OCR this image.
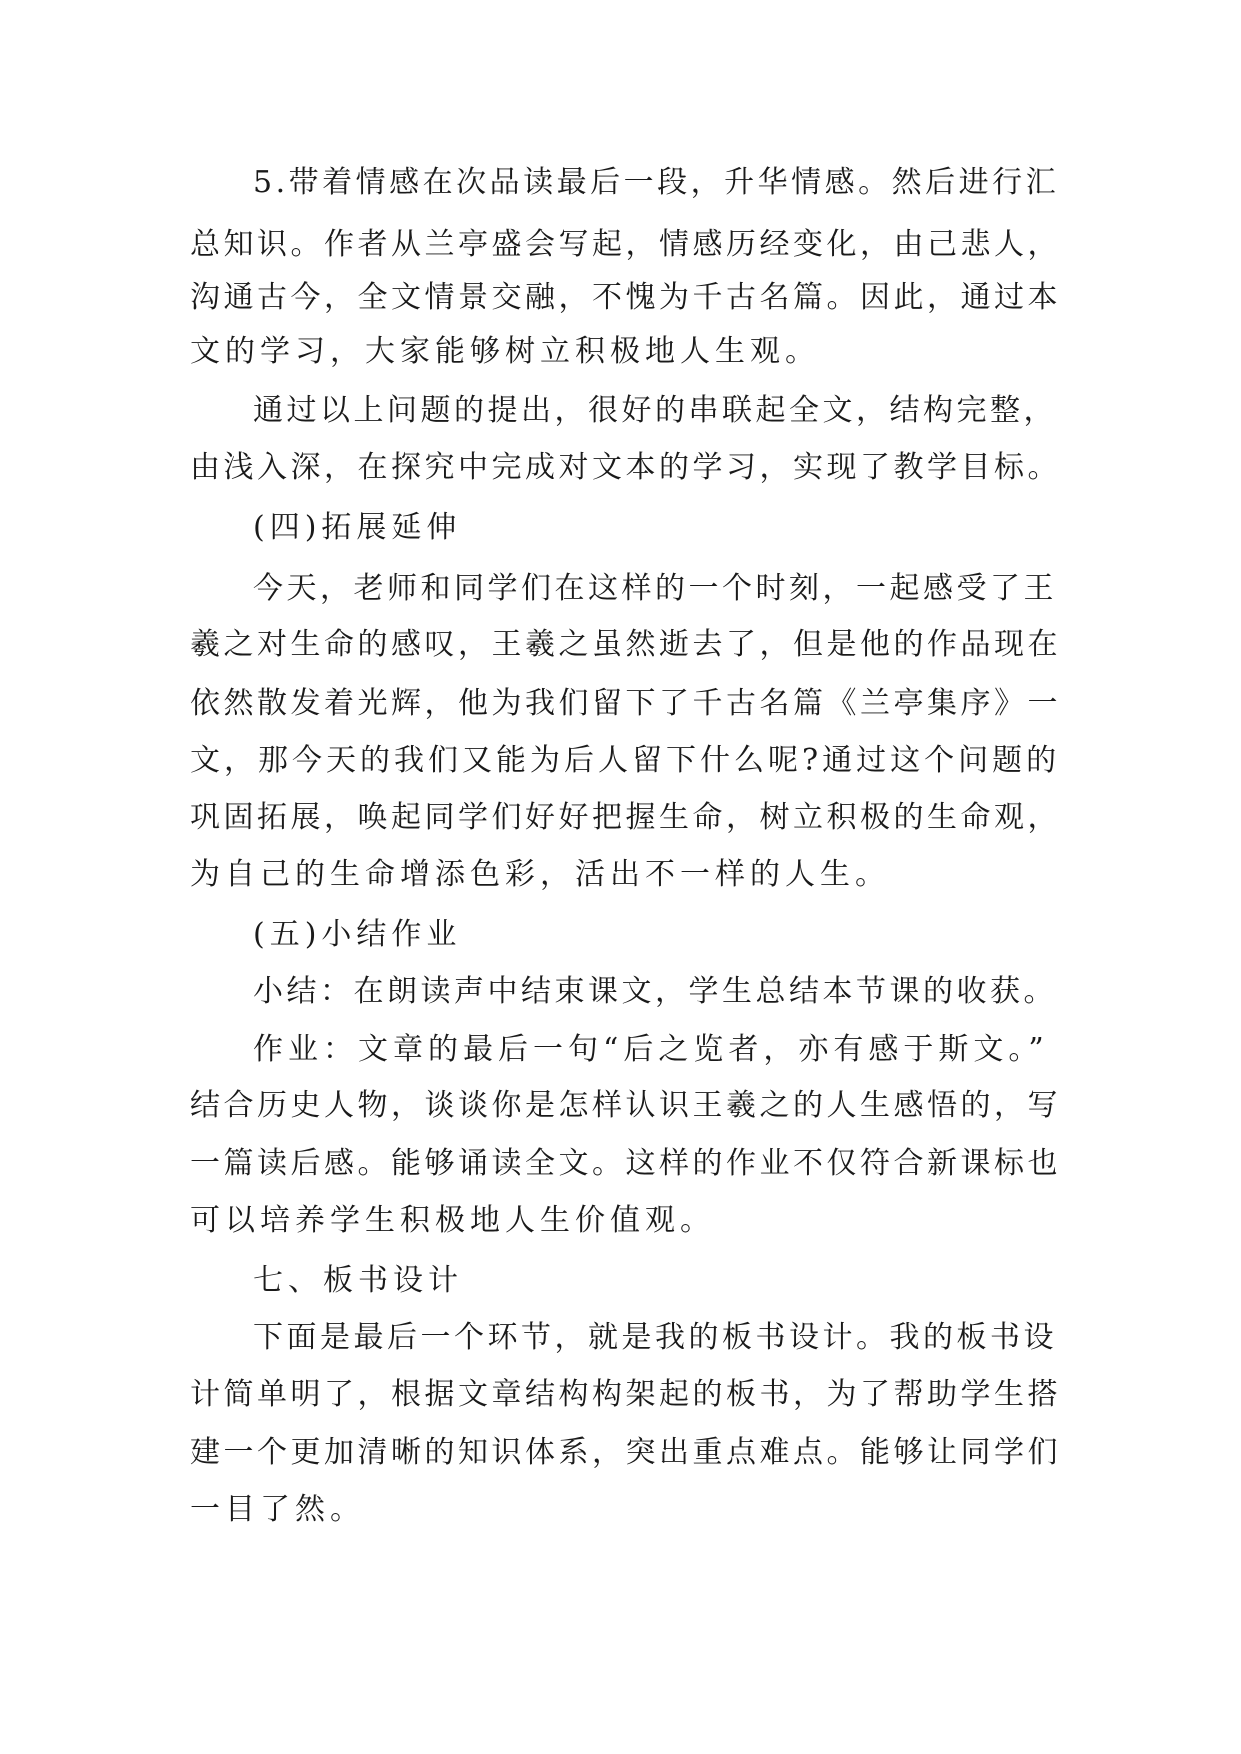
5.带着情感在次品读最后一段，升华情感。然后进行汇
总知识。作者从兰亭盛会写起，情感历经变化，由己悲人，
沟通古今，全文情景交融，不愧为千古名篇。因此，通过本
文的学习，大家能够树立积极地人生观。
通过以上问题的提出，很好的串联起全文，结构完整，
由浅入深，在探究中完成对文本的学习，实现了教学目标。
(四)拓展延伸
今天，老师和同学们在这样的一个时刻，一起感受了王
羲之对生命的感叹，王羲之虽然逝去了，但是他的作品现在
依然散发着光辉，他为我们留下了千古名篇《兰亭集序》一
文，那今天的我们又能为后人留下什么呢?通过这个问题的
巩固拓展，唤起同学们好好把握生命，树立积极的生命观，
为自己的生命增添色彩，活出不一样的人生。
(五)小结作业
小结：在朗读声中结束课文，学生总结本节课的收获。
作业：文章的最后一句“后之览者，亦有感于斯文。”
结合历史人物，谈谈你是怎样认识王羲之的人生感悟的，写
一篇读后感。能够诵读全文。这样的作业不仅符合新课标也
可以培养学生积极地人生价值观。
七、板书设计
下面是最后一个环节，就是我的板书设计。我的板书设
计简单明了，根据文章结构构架起的板书，为了帮助学生搭
建一个更加清晰的知识体系，突出重点难点。能够让同学们
一目了然。
